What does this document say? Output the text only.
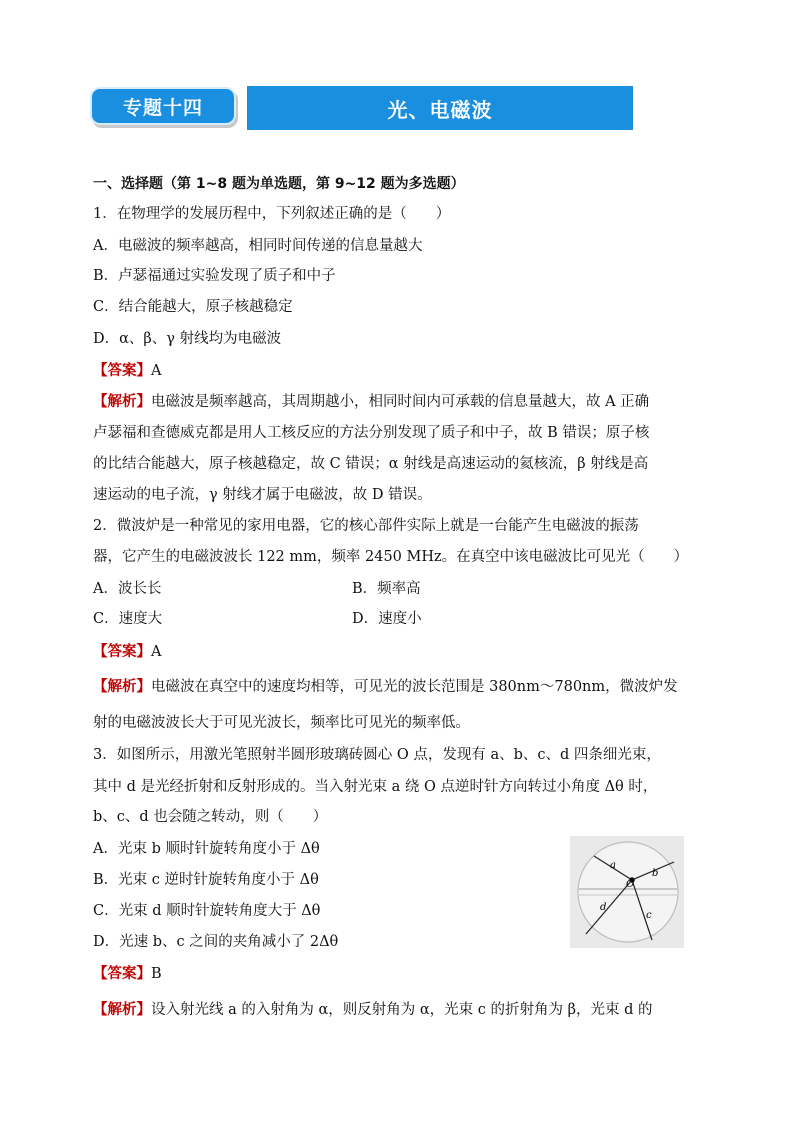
专题十四	光、电磁波
一、选择题（第 1~8 题为单选题，第 9~12 题为多选题）
1．在物理学的发展历程中，下列叙述正确的是（　　）
A．电磁波的频率越高，相同时间传递的信息量越大
B．卢瑟福通过实验发现了质子和中子
C．结合能越大，原子核越稳定
D．α、β、γ 射线均为电磁波
【答案】A
【解析】电磁波是频率越高，其周期越小，相同时间内可承载的信息量越大，故 A 正确
卢瑟福和查德威克都是用人工核反应的方法分别发现了质子和中子，故 B 错误；原子核
的比结合能越大，原子核越稳定，故 C 错误；α 射线是高速运动的氦核流，β 射线是高
速运动的电子流，γ 射线才属于电磁波，故 D 错误。
2．微波炉是一种常见的家用电器，它的核心部件实际上就是一台能产生电磁波的振荡
器，它产生的电磁波波长 122 mm，频率 2450 MHz。在真空中该电磁波比可见光（　　）
A．波长长	B．频率高
C．速度大	D．速度小
【答案】A
【解析】电磁波在真空中的速度均相等，可见光的波长范围是 380nm～780nm，微波炉发
射的电磁波波长大于可见光波长，频率比可见光的频率低。
3．如图所示，用激光笔照射半圆形玻璃砖圆心 O 点，发现有 a、b、c、d 四条细光束，
其中 d 是光经折射和反射形成的。当入射光束 a 绕 O 点逆时针方向转过小角度 Δθ 时，
b、c、d 也会随之转动，则（　　）
A．光束 b 顺时针旋转角度小于 Δθ
B．光束 c 逆时针旋转角度小于 Δθ
C．光束 d 顺时针旋转角度大于 Δθ
D．光速 b、c 之间的夹角减小了 2Δθ
【答案】B
【解析】设入射光线 a 的入射角为 α，则反射角为 α，光束 c 的折射角为 β，光束 d 的
a
b
c
d
O
